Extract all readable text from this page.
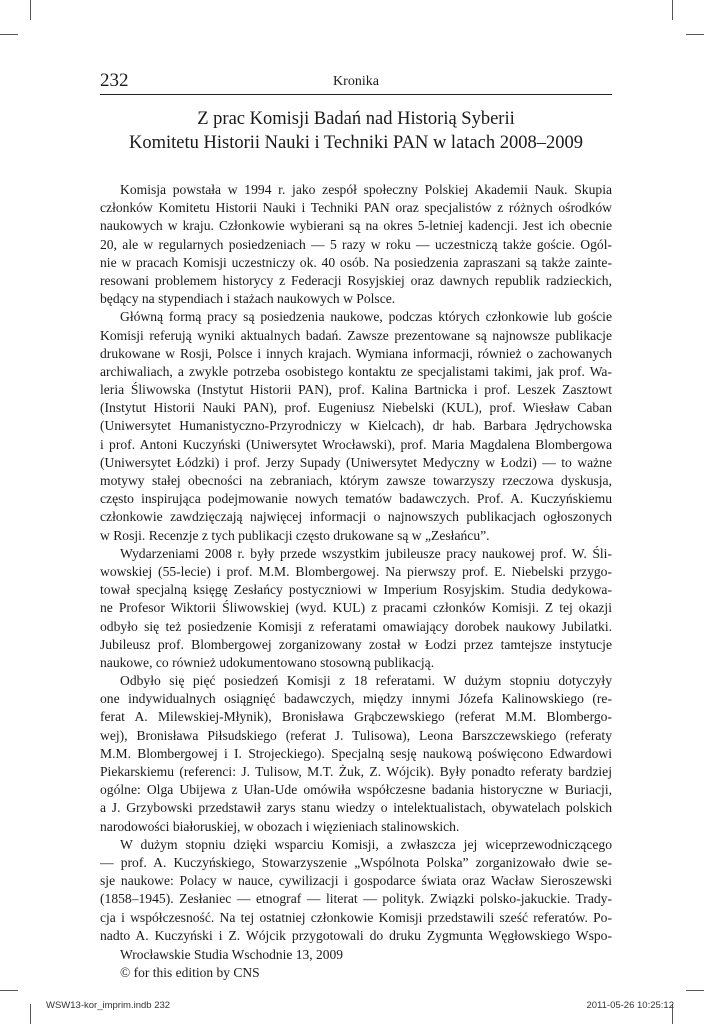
232	Kronika
Z prac Komisji Badań nad Historią Syberii
Komitetu Historii Nauki i Techniki PAN w latach 2008–2009

Komisja powstała w 1994 r. jako zespół społeczny Polskiej Akademii Nauk. Skupia
członków Komitetu Historii Nauki i Techniki PAN oraz specjalistów z różnych ośrodków
naukowych w kraju. Członkowie wybierani są na okres 5-letniej kadencji. Jest ich obecnie
20, ale w regularnych posiedzeniach — 5 razy w roku — uczestniczą także goście. Ogól-
nie w pracach Komisji uczestniczy ok. 40 osób. Na posiedzenia zapraszani są także zainte-
resowani problemem historycy z Federacji Rosyjskiej oraz dawnych republik radzieckich,
będący na stypendiach i stażach naukowych w Polsce.

Główną formą pracy są posiedzenia naukowe, podczas których członkowie lub goście
Komisji referują wyniki aktualnych badań. Zawsze prezentowane są najnowsze publikacje
drukowane w Rosji, Polsce i innych krajach. Wymiana informacji, również o zachowanych
archiwaliach, a zwykle potrzeba osobistego kontaktu ze specjalistami takimi, jak prof. Wa-
leria Śliwowska (Instytut Historii PAN), prof. Kalina Bartnicka i prof. Leszek Zasztowt
(Instytut Historii Nauki PAN), prof. Eugeniusz Niebelski (KUL), prof. Wiesław Caban
(Uniwersytet Humanistyczno-Przyrodniczy w Kielcach), dr hab. Barbara Jędrychowska
i prof. Antoni Kuczyński (Uniwersytet Wrocławski), prof. Maria Magdalena Blombergowa
(Uniwersytet Łódzki) i prof. Jerzy Supady (Uniwersytet Medyczny w Łodzi) — to ważne
motywy stałej obecności na zebraniach, którym zawsze towarzyszy rzeczowa dyskusja,
często inspirująca podejmowanie nowych tematów badawczych. Prof. A. Kuczyńskiemu
członkowie zawdzięczają najwięcej informacji o najnowszych publikacjach ogłoszonych
w Rosji. Recenzje z tych publikacji często drukowane są w „Zesłańcu”.

Wydarzeniami 2008 r. były przede wszystkim jubileusze pracy naukowej prof. W. Śli-
wowskiej (55-lecie) i prof. M.M. Blombergowej. Na pierwszy prof. E. Niebelski przygo-
tował specjalną księgę Zesłańcy postyczniowi w Imperium Rosyjskim. Studia dedykowa-
ne Profesor Wiktorii Śliwowskiej (wyd. KUL) z pracami członków Komisji. Z tej okazji
odbyło się też posiedzenie Komisji z referatami omawiający dorobek naukowy Jubilatki.
Jubileusz prof. Blombergowej zorganizowany został w Łodzi przez tamtejsze instytucje
naukowe, co również udokumentowano stosowną publikacją.

Odbyło się pięć posiedzeń Komisji z 18 referatami. W dużym stopniu dotyczyły
one indywidualnych osiągnięć badawczych, między innymi Józefa Kalinowskiego (re-
ferat A. Milewskiej-Młynik), Bronisława Grąbczewskiego (referat M.M. Blombergo-
wej), Bronisława Piłsudskiego (referat J. Tulisowa), Leona Barszczewskiego (referaty
M.M. Blombergowej i I. Strojeckiego). Specjalną sesję naukową poświęcono Edwardowi
Piekarskiemu (referenci: J. Tulisow, M.T. Żuk, Z. Wójcik). Były ponadto referaty bardziej
ogólne: Olga Ubijewa z Ułan-Ude omówiła współczesne badania historyczne w Buriacji,
a J. Grzybowski przedstawił zarys stanu wiedzy o intelektualistach, obywatelach polskich
narodowości białoruskiej, w obozach i więzieniach stalinowskich.

W dużym stopniu dzięki wsparciu Komisji, a zwłaszcza jej wiceprzewodniczącego
— prof. A. Kuczyńskiego, Stowarzyszenie „Wspólnota Polska” zorganizowało dwie se-
sje naukowe: Polacy w nauce, cywilizacji i gospodarce świata oraz Wacław Sieroszewski
(1858–1945). Zesłaniec — etnograf — literat — polityk. Związki polsko-jakuckie. Tradу-
cja i współczesność. Na tej ostatniej członkowie Komisji przedstawili sześć referatów. Po-
nadto A. Kuczyński i Z. Wójcik przygotowali do druku Zygmunta Węgłowskiego Wspo-

Wrocławskie Studia Wschodnie 13, 2009
© for this edition by CNS
WSW13-kor_imprim.indb 232	2011-05-26 10:25:12
